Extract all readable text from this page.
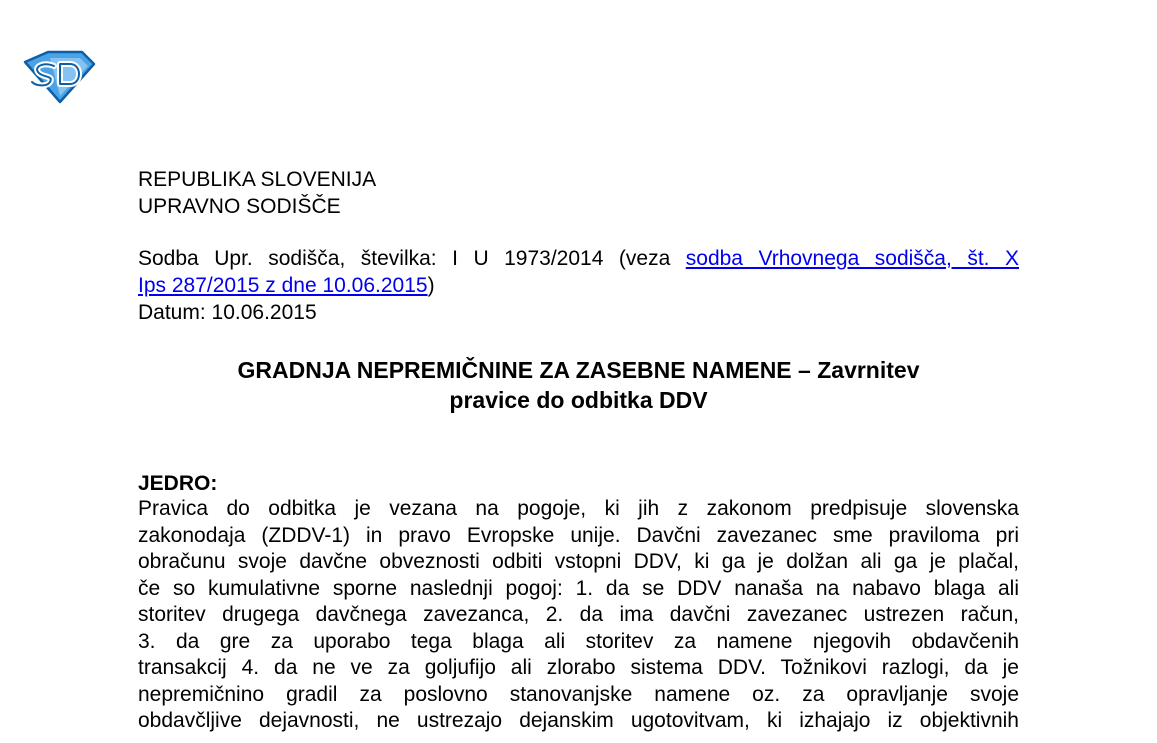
REPUBLIKA SLOVENIJA
UPRAVNO SODIŠČE
Sodba Upr. sodišča, številka: I U 1973/2014 (veza sodba Vrhovnega sodišča, št. X
Ips 287/2015 z dne 10.06.2015)
Datum: 10.06.2015
GRADNJA NEPREMIČNINE ZA ZASEBNE NAMENE – Zavrnitev
pravice do odbitka DDV
JEDRO:
Pravica do odbitka je vezana na pogoje, ki jih z zakonom predpisuje slovenska
zakonodaja (ZDDV-1) in pravo Evropske unije. Davčni zavezanec sme praviloma pri
obračunu svoje davčne obveznosti odbiti vstopni DDV, ki ga je dolžan ali ga je plačal,
če so kumulativne sporne naslednji pogoj: 1. da se DDV nanaša na nabavo blaga ali
storitev drugega davčnega zavezanca, 2. da ima davčni zavezanec ustrezen račun,
3. da gre za uporabo tega blaga ali storitev za namene njegovih obdavčenih
transakcij 4. da ne ve za goljufijo ali zlorabo sistema DDV. Tožnikovi razlogi, da je
nepremičnino gradil za poslovno stanovanjske namene oz. za opravljanje svoje
obdavčljive dejavnosti, ne ustrezajo dejanskim ugotovitvam, ki izhajajo iz objektivnih
